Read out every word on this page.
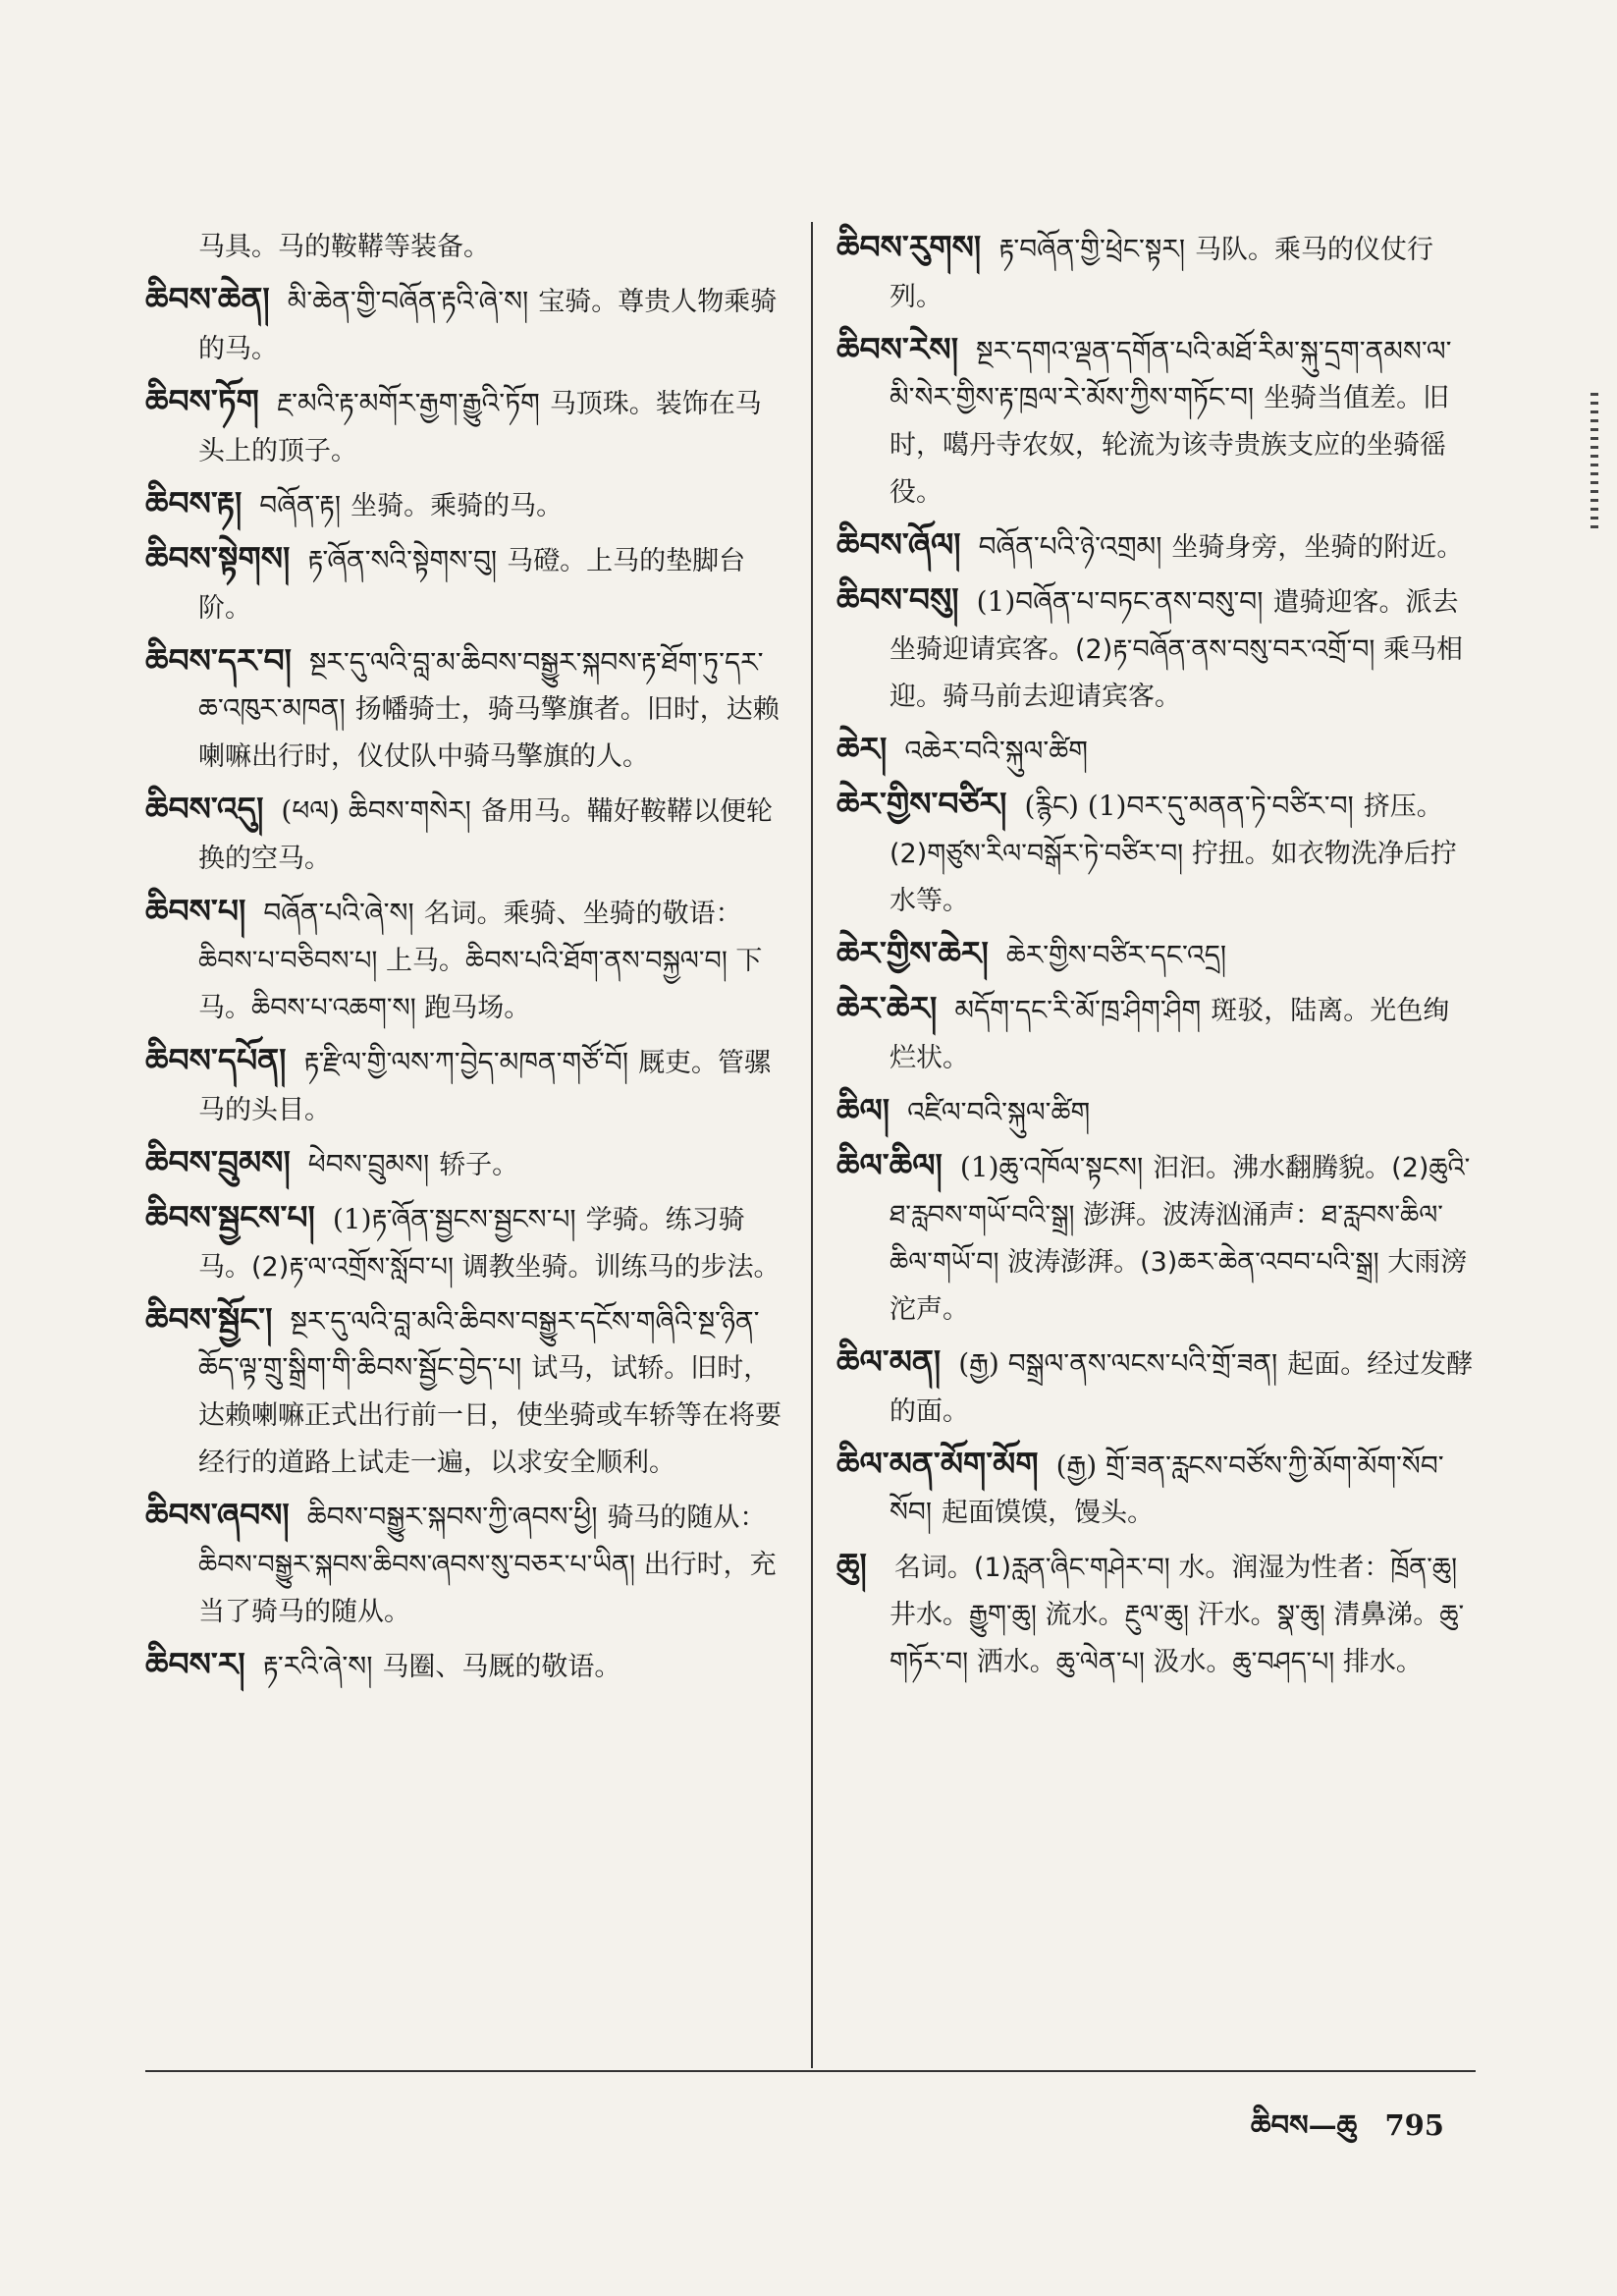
马具。马的鞍鞯等装备。
ཆིབས་ཆེན། མི་ཆེན་གྱི་བཞོན་རྟའི་ཞེ་ས། 宝骑。尊贵人物乘骑的马。
ཆིབས་ཏོག རྔ་མའི་རྟ་མགོར་རྒྱག་རྒྱུའི་ཏོག 马顶珠。装饰在马头上的顶子。
ཆིབས་རྟ། བཞོན་རྟ། 坐骑。乘骑的马。
ཆིབས་སྟེགས། རྟ་ཞོན་སའི་སྟེགས་བུ། 马磴。上马的垫脚台阶。
ཆིབས་དར་བ། སྔར་དུ་ལའི་བླ་མ་ཆིབས་བསྒྱུར་སྐབས་རྟ་ཐོག་ཏུ་དར་ཆ་འཁུར་མཁན། 扬幡骑士，骑马擎旗者。旧时，达赖喇嘛出行时，仪仗队中骑马擎旗的人。
ཆིབས་འདུ། (ཕལ) ཆིབས་གསེར། 备用马。鞴好鞍鞯以便轮换的空马。
ཆིབས་པ། བཞོན་པའི་ཞེ་ས། 名词。乘骑、坐骑的敬语：ཆིབས་པ་བཅིབས་པ། 上马。ཆིབས་པའི་ཐོག་ནས་བསྐྱལ་བ། 下马。ཆིབས་པ་འཆག་ས། 跑马场。
ཆིབས་དཔོན། རྟ་རྫིལ་གྱི་ལས་ཀ་བྱེད་མཁན་གཙོ་བོ། 厩吏。管骡马的头目。
ཆིབས་བྲུམས། ཕེབས་བྲུམས། 轿子。
ཆིབས་སྦྱངས་པ། (1)རྟ་ཞོན་སྦྱངས་སྦྱངས་པ། 学骑。练习骑马。(2)རྟ་ལ་འགྲོས་སློབ་པ། 调教坐骑。训练马的步法。
ཆིབས་སྦྱོང་། སྔར་དུ་ལའི་བླ་མའི་ཆིབས་བསྒྱུར་དངོས་གཞིའི་སྔ་ཉིན་ཆོད་ལྟ་གྲུ་སྒྲིག་གི་ཆིབས་སྦྱོང་བྱེད་པ། 试马，试轿。旧时，达赖喇嘛正式出行前一日，使坐骑或车轿等在将要经行的道路上试走一遍，以求安全顺利。
ཆིབས་ཞབས། ཆིབས་བསྒྱུར་སྐབས་ཀྱི་ཞབས་ཕྱི། 骑马的随从：ཆིབས་བསྒྱུར་སྐབས་ཆིབས་ཞབས་སུ་བཅར་པ་ཡིན། 出行时，充当了骑马的随从。
ཆིབས་ར། རྟ་རའི་ཞེ་ས། 马圈、马厩的敬语。
ཆིབས་རུགས། རྟ་བཞོན་གྱི་ཕྲེང་སྟར། 马队。乘马的仪仗行列。
ཆིབས་རེས། སྔར་དགའ་ལྡན་དགོན་པའི་མཐོ་རིམ་སྐུ་དྲག་ནམས་ལ་མི་སེར་གྱིས་རྟ་ཁྲལ་རེ་མོས་ཀྱིས་གཏོང་བ། 坐骑当值差。旧时，噶丹寺农奴，轮流为该寺贵族支应的坐骑徭役。
ཆིབས་ཞོལ། བཞོན་པའི་ཉེ་འགྲམ། 坐骑身旁，坐骑的附近。
ཆིབས་བསུ། (1)བཞོན་པ་བཏང་ནས་བསུ་བ། 遣骑迎客。派去坐骑迎请宾客。(2)རྟ་བཞོན་ནས་བསུ་བར་འགྲོ་བ། 乘马相迎。骑马前去迎请宾客。
ཆེར། འཆེར་བའི་སྐུལ་ཚིག
ཆེར་གྱིས་བཙིར། (རྙིང) (1)བར་དུ་མནན་ཏེ་བཙིར་བ། 挤压。(2)གཙུས་རིལ་བསྒོར་ཏེ་བཙིར་བ། 拧扭。如衣物洗净后拧水等。
ཆེར་གྱིས་ཆེར། ཆེར་གྱིས་བཙིར་དང་འདྲ།
ཆེར་ཆེར། མདོག་དང་རི་མོ་ཁྲ་ཤིག་ཤིག 斑驳，陆离。光色绚烂状。
ཆིལ། འཛིལ་བའི་སྐུལ་ཚིག
ཆིལ་ཆིལ། (1)ཆུ་འཁོལ་སྟངས། 汩汩。沸水翻腾貌。(2)ཆུའི་ཐ་རླབས་གཡོ་བའི་སྒྲ། 澎湃。波涛汹涌声：ཐ་རླབས་ཆིལ་ཆིལ་གཡོ་བ། 波涛澎湃。(3)ཆར་ཆེན་འབབ་པའི་སྒྲ། 大雨滂沱声。
ཆིལ་མན། (རྒྱ) བསྒྲལ་ནས་ལངས་པའི་གྲོ་ཟན། 起面。经过发酵的面。
ཆིལ་མན་མོག་མོག (རྒྱ) གྲོ་ཟན་རླངས་བཙོས་ཀྱི་མོག་མོག་སོབ་སོབ། 起面馍馍，馒头。
ཆུ། 名词。(1)རླན་ཞིང་གཤེར་བ། 水。润湿为性者：ཁྲོན་ཆུ། 井水。རྒྱུག་ཆུ། 流水。རྔུལ་ཆུ། 汗水。སྣ་ཆུ། 清鼻涕。ཆུ་གཏོར་བ། 洒水。ཆུ་ལེན་པ། 汲水。ཆུ་བཤད་པ། 排水。
ཆིབས—ཆུ 795
